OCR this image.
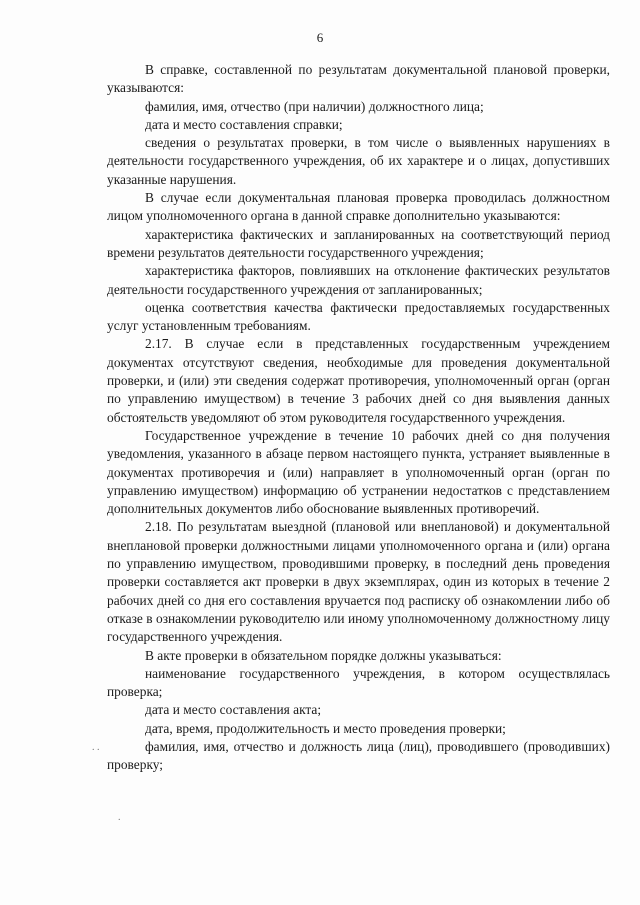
6
. .
.

В справке, составленной по результатам документальной плановой проверки, указываются:

фамилия, имя, отчество (при наличии) должностного лица;

дата и место составления справки;

сведения о результатах проверки, в том числе о выявленных нарушениях в деятельности государственного учреждения, об их характере и о лицах, допустивших указанные нарушения.

В случае если документальная плановая проверка проводилась должностном лицом уполномоченного органа в данной справке дополнительно указываются:

характеристика фактических и запланированных на соответствующий период времени результатов деятельности государственного учреждения;

характеристика факторов, повлиявших на отклонение фактических результатов деятельности государственного учреждения от запланированных;

оценка соответствия качества фактически предоставляемых государственных услуг установленным требованиям.

2.17. В случае если в представленных государственным учреждением документах отсутствуют сведения, необходимые для проведения документальной проверки, и (или) эти сведения содержат противоречия, уполномоченный орган (орган по управлению имуществом) в течение 3 рабочих дней со дня выявления данных обстоятельств уведомляют об этом руководителя государственного учреждения.

Государственное учреждение в течение 10 рабочих дней со дня получения уведомления, указанного в абзаце первом настоящего пункта, устраняет выявленные в документах противоречия и (или) направляет в уполномоченный орган (орган по управлению имуществом) информацию об устранении недостатков с представлением дополнительных документов либо обоснование выявленных противоречий.

2.18. По результатам выездной (плановой или внеплановой) и документальной внеплановой проверки должностными лицами уполномоченного органа и (или) органа по управлению имуществом, проводившими проверку, в последний день проведения проверки составляется акт проверки в двух экземплярах, один из которых в течение 2 рабочих дней со дня его составления вручается под расписку об ознакомлении либо об отказе в ознакомлении руководителю или иному уполномоченному должностному лицу государственного учреждения.

В акте проверки в обязательном порядке должны указываться:

наименование государственного учреждения, в котором осуществлялась проверка;

дата и место составления акта;

дата, время, продолжительность и место проведения проверки;

фамилия, имя, отчество и должность лица (лиц), проводившего (проводивших) проверку;
